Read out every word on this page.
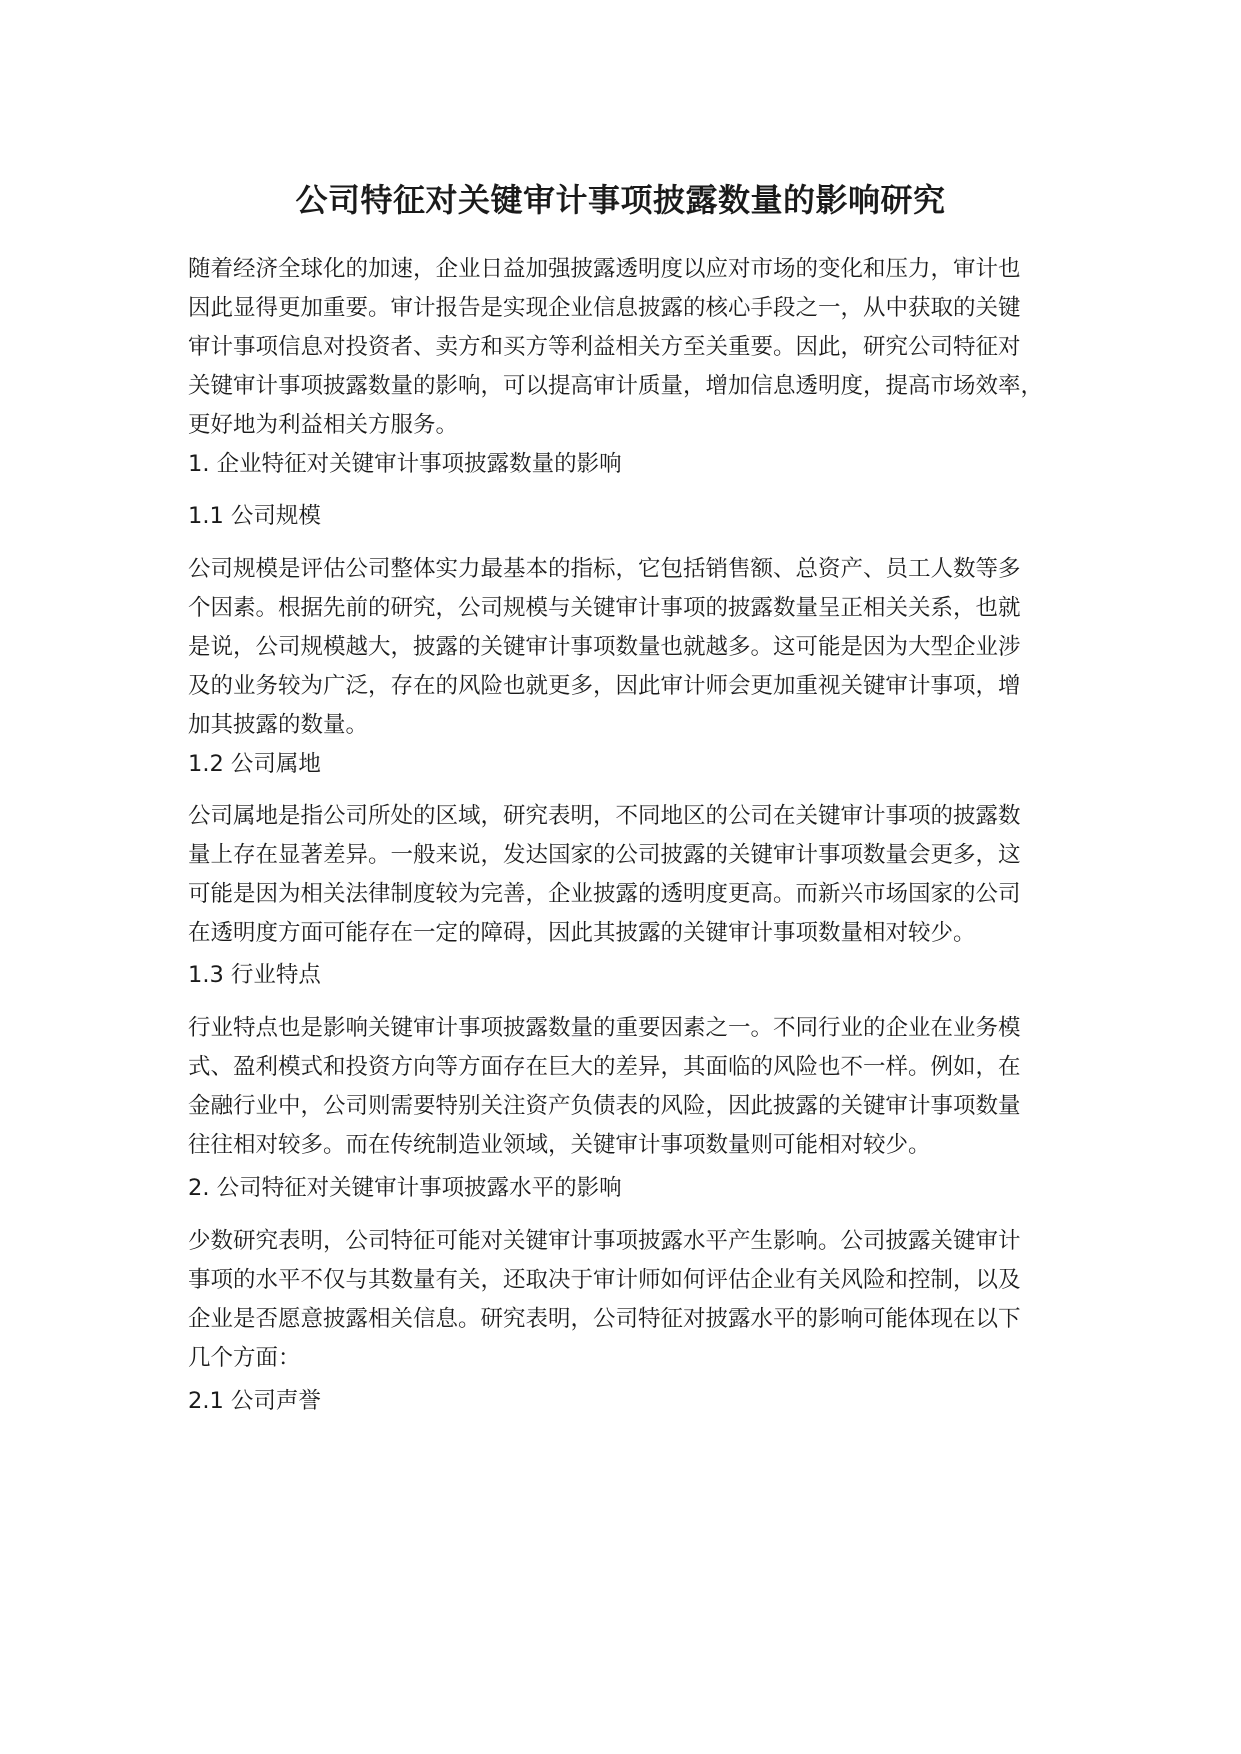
公司特征对关键审计事项披露数量的影响研究

随着经济全球化的加速，企业日益加强披露透明度以应对市场的变化和压力，审计也

因此显得更加重要。审计报告是实现企业信息披露的核心手段之一，从中获取的关键

审计事项信息对投资者、卖方和买方等利益相关方至关重要。因此，研究公司特征对

关键审计事项披露数量的影响，可以提高审计质量，增加信息透明度，提高市场效率，

更好地为利益相关方服务。

1. 企业特征对关键审计事项披露数量的影响

1.1 公司规模

公司规模是评估公司整体实力最基本的指标，它包括销售额、总资产、员工人数等多

个因素。根据先前的研究，公司规模与关键审计事项的披露数量呈正相关关系，也就

是说，公司规模越大，披露的关键审计事项数量也就越多。这可能是因为大型企业涉

及的业务较为广泛，存在的风险也就更多，因此审计师会更加重视关键审计事项，增

加其披露的数量。

1.2 公司属地

公司属地是指公司所处的区域，研究表明，不同地区的公司在关键审计事项的披露数

量上存在显著差异。一般来说，发达国家的公司披露的关键审计事项数量会更多，这

可能是因为相关法律制度较为完善，企业披露的透明度更高。而新兴市场国家的公司

在透明度方面可能存在一定的障碍，因此其披露的关键审计事项数量相对较少。

1.3 行业特点

行业特点也是影响关键审计事项披露数量的重要因素之一。不同行业的企业在业务模

式、盈利模式和投资方向等方面存在巨大的差异，其面临的风险也不一样。例如，在

金融行业中，公司则需要特别关注资产负债表的风险，因此披露的关键审计事项数量

往往相对较多。而在传统制造业领域，关键审计事项数量则可能相对较少。

2. 公司特征对关键审计事项披露水平的影响

少数研究表明，公司特征可能对关键审计事项披露水平产生影响。公司披露关键审计

事项的水平不仅与其数量有关，还取决于审计师如何评估企业有关风险和控制，以及

企业是否愿意披露相关信息。研究表明，公司特征对披露水平的影响可能体现在以下

几个方面：

2.1 公司声誉
